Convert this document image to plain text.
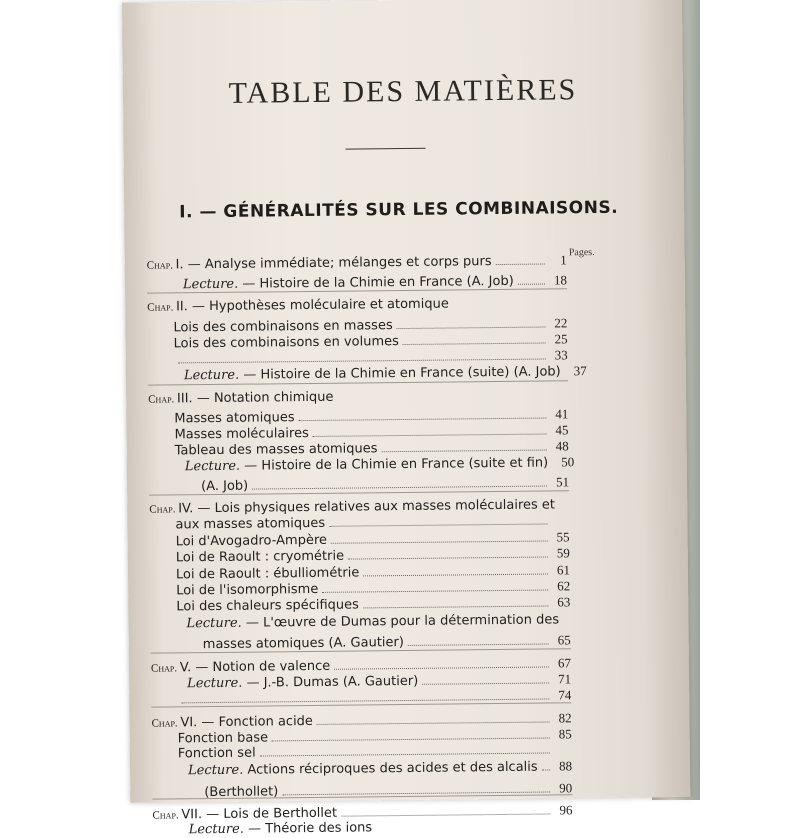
TABLE DES MATIÈRES
I. — GÉNÉRALITÉS SUR LES COMBINAISONS.
Pages.
Chap. I. — Analyse immédiate; mélanges et corps purs	1
Lecture. — Histoire de la Chimie en France (A. Job)	18
Chap. II. — Hypothèses moléculaire et atomique
Lois des combinaisons en masses	22
Lois des combinaisons en volumes	25
33
Lecture. — Histoire de la Chimie en France (suite) (A. Job) 37
Chap. III. — Notation chimique
Masses atomiques	41
Masses moléculaires	45
Tableau des masses atomiques	48
Lecture. — Histoire de la Chimie en France (suite et fin) 50
(A. Job)	51
Chap. IV. — Lois physiques relatives aux masses moléculaires et
aux masses atomiques
Loi d'Avogadro-Ampère	55
Loi de Raoult : cryométrie	59
Loi de Raoult : ébulliométrie	61
Loi de l'isomorphisme	62
Loi des chaleurs spécifiques	63
Lecture. — L'œuvre de Dumas pour la détermination des
masses atomiques (A. Gautier)	65
Chap. V. — Notion de valence	67
Lecture. — J.-B. Dumas (A. Gautier)	71
74
Chap. VI. — Fonction acide	82
Fonction base	85
Fonction sel
Lecture. Actions réciproques des acides et des alcalis	88
(Berthollet)	90
Chap. VII. — Lois de Berthollet	96
Lecture. — Théorie des ions
